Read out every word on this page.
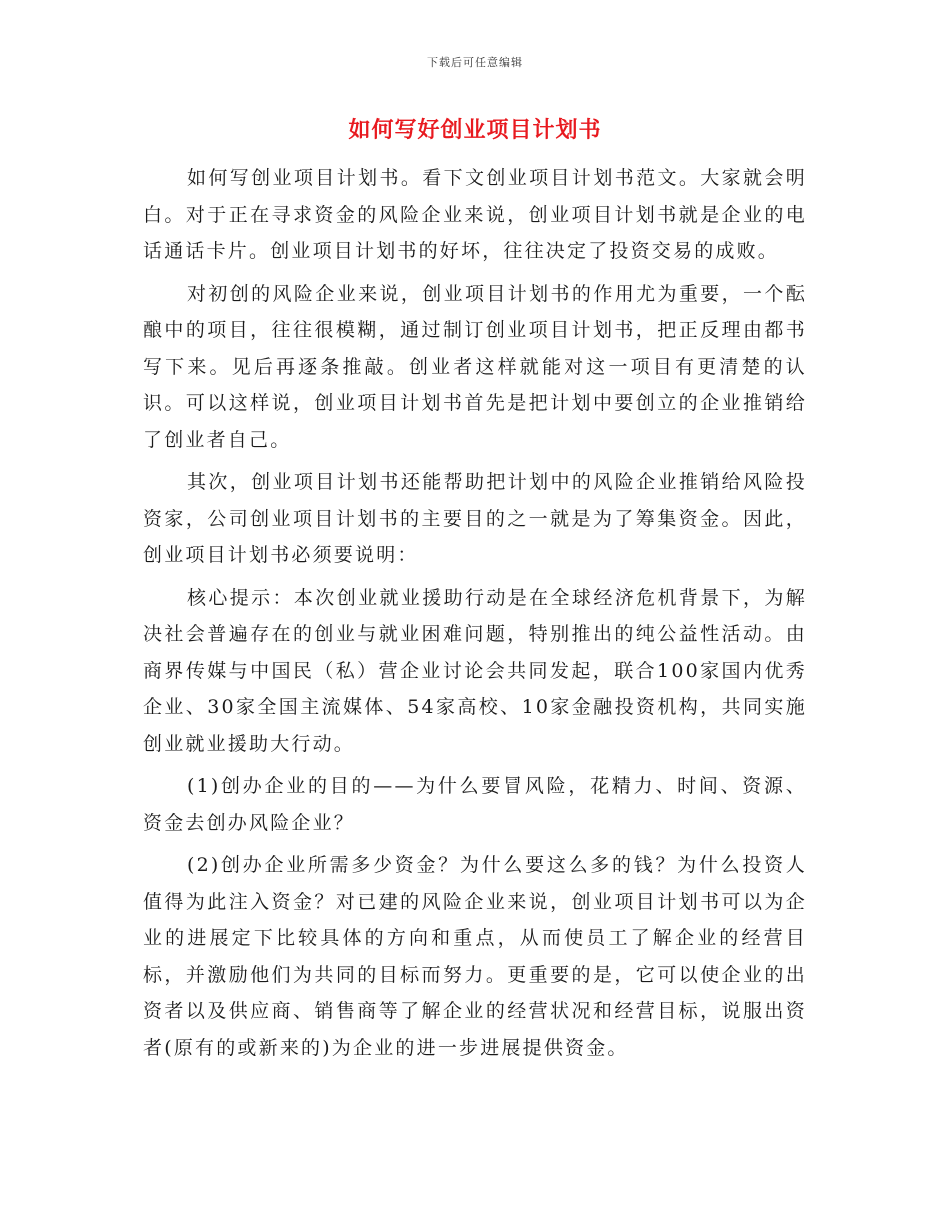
下载后可任意编辑
如何写好创业项目计划书

如何写创业项目计划书。看下文创业项目计划书范文。大家就会明白。对于正在寻求资金的风险企业来说，创业项目计划书就是企业的电话通话卡片。创业项目计划书的好坏，往往决定了投资交易的成败。

对初创的风险企业来说，创业项目计划书的作用尤为重要，一个酝酿中的项目，往往很模糊，通过制订创业项目计划书，把正反理由都书写下来。见后再逐条推敲。创业者这样就能对这一项目有更清楚的认识。可以这样说，创业项目计划书首先是把计划中要创立的企业推销给了创业者自己。

其次，创业项目计划书还能帮助把计划中的风险企业推销给风险投资家，公司创业项目计划书的主要目的之一就是为了筹集资金。因此，创业项目计划书必须要说明：

核心提示：本次创业就业援助行动是在全球经济危机背景下，为解决社会普遍存在的创业与就业困难问题，特别推出的纯公益性活动。由商界传媒与中国民（私）营企业讨论会共同发起，联合100家国内优秀企业、30家全国主流媒体、54家高校、10家金融投资机构，共同实施创业就业援助大行动。

(1)创办企业的目的——为什么要冒风险，花精力、时间、资源、资金去创办风险企业？

(2)创办企业所需多少资金？为什么要这么多的钱？为什么投资人值得为此注入资金？对已建的风险企业来说，创业项目计划书可以为企业的进展定下比较具体的方向和重点，从而使员工了解企业的经营目标，并激励他们为共同的目标而努力。更重要的是，它可以使企业的出资者以及供应商、销售商等了解企业的经营状况和经营目标，说服出资者(原有的或新来的)为企业的进一步进展提供资金。
